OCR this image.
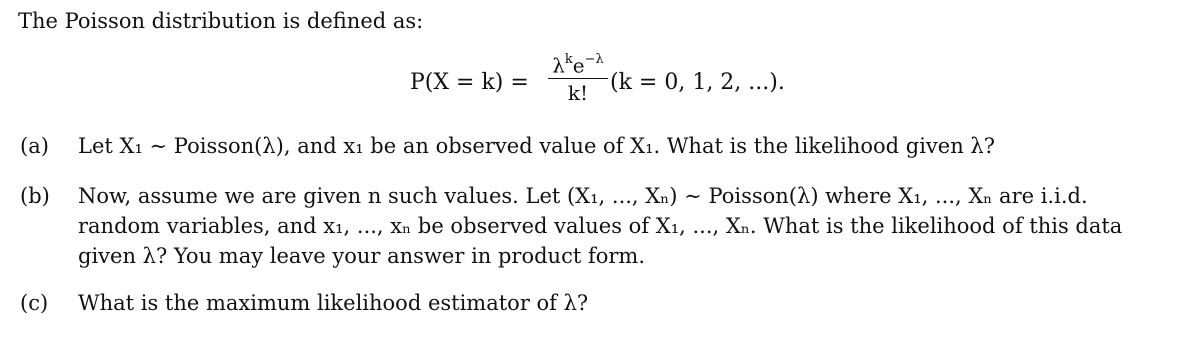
The Poisson distribution is defined as:
P(X = k) =
$\lambda^ke^{-\lambda}$
k! (k = 0, 1, 2, ...).
(a) Let X₁ ∼ Poisson(λ), and x₁ be an observed value of X₁. What is the likelihood given λ?
(b)	Now, assume we are given n such values. Let (X₁, ..., Xₙ) ∼ Poisson(λ) where X₁, ..., Xₙ are i.i.d.
random variables, and x₁, ..., xₙ be observed values of X₁, ..., Xₙ. What is the likelihood of this data
given λ? You may leave your answer in product form.
(c) What is the maximum likelihood estimator of λ?
